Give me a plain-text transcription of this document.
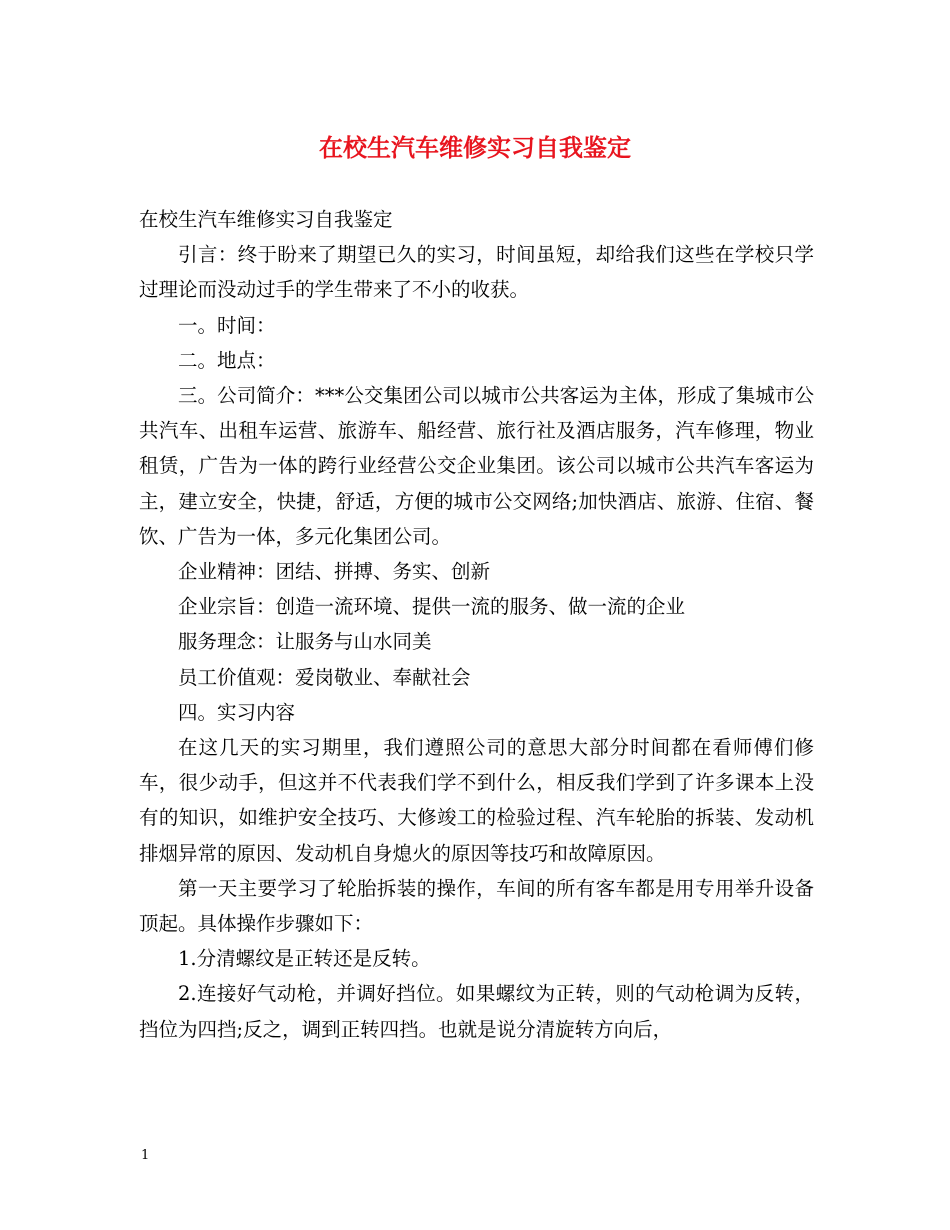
在校生汽车维修实习自我鉴定

在校生汽车维修实习自我鉴定

引言：终于盼来了期望已久的实习，时间虽短，却给我们这些在学校只学过理论而没动过手的学生带来了不小的收获。

一。时间：

二。地点：

三。公司简介：***公交集团公司以城市公共客运为主体，形成了集城市公共汽车、出租车运营、旅游车、船经营、旅行社及酒店服务，汽车修理，物业租赁，广告为一体的跨行业经营公交企业集团。该公司以城市公共汽车客运为主，建立安全，快捷，舒适，方便的城市公交网络;加快酒店、旅游、住宿、餐饮、广告为一体，多元化集团公司。

企业精神：团结、拼搏、务实、创新

企业宗旨：创造一流环境、提供一流的服务、做一流的企业

服务理念：让服务与山水同美

员工价值观：爱岗敬业、奉献社会

四。实习内容

在这几天的实习期里，我们遵照公司的意思大部分时间都在看师傅们修车，很少动手，但这并不代表我们学不到什么，相反我们学到了许多课本上没有的知识，如维护安全技巧、大修竣工的检验过程、汽车轮胎的拆装、发动机排烟异常的原因、发动机自身熄火的原因等技巧和故障原因。

第一天主要学习了轮胎拆装的操作，车间的所有客车都是用专用举升设备顶起。具体操作步骤如下：

1.分清螺纹是正转还是反转。

2.连接好气动枪，并调好挡位。如果螺纹为正转，则的气动枪调为反转，挡位为四挡;反之，调到正转四挡。也就是说分清旋转方向后，

1
